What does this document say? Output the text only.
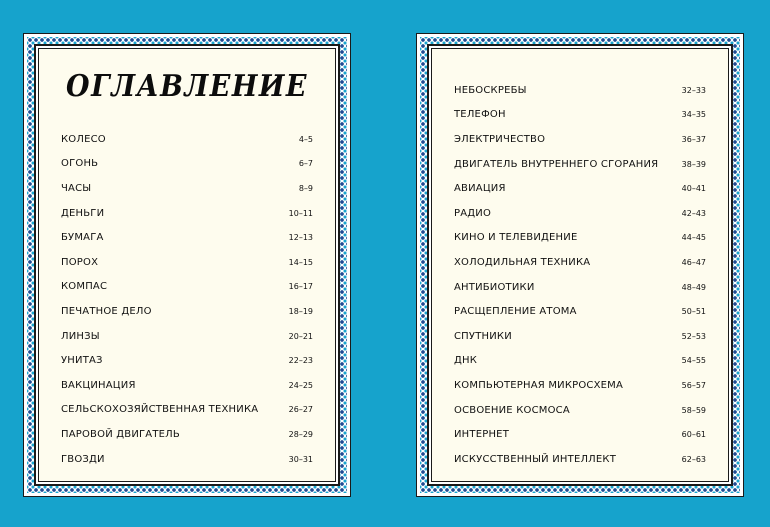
ОГЛАВЛЕНИЕ
КОЛЕСО	4–5
ОГОНЬ	6–7
ЧАСЫ	8–9
ДЕНЬГИ	10–11
БУМАГА	12–13
ПОРОХ	14–15
КОМПАС	16–17
ПЕЧАТНОЕ ДЕЛО	18–19
ЛИНЗЫ	20–21
УНИТАЗ	22–23
ВАКЦИНАЦИЯ	24–25
СЕЛЬСКОХОЗЯЙСТВЕННАЯ ТЕХНИКА	26–27
ПАРОВОЙ ДВИГАТЕЛЬ	28–29
ГВОЗДИ	30–31
НЕБОСКРЕБЫ	32–33
ТЕЛЕФОН	34–35
ЭЛЕКТРИЧЕСТВО	36–37
ДВИГАТЕЛЬ ВНУТРЕННЕГО СГОРАНИЯ	38–39
АВИАЦИЯ	40–41
РАДИО	42–43
КИНО И ТЕЛЕВИДЕНИЕ	44–45
ХОЛОДИЛЬНАЯ ТЕХНИКА	46–47
АНТИБИОТИКИ	48–49
РАСЩЕПЛЕНИЕ АТОМА	50–51
СПУТНИКИ	52–53
ДНК	54–55
КОМПЬЮТЕРНАЯ МИКРОСХЕМА	56–57
ОСВОЕНИЕ КОСМОСА	58–59
ИНТЕРНЕТ	60–61
ИСКУССТВЕННЫЙ ИНТЕЛЛЕКТ	62–63
